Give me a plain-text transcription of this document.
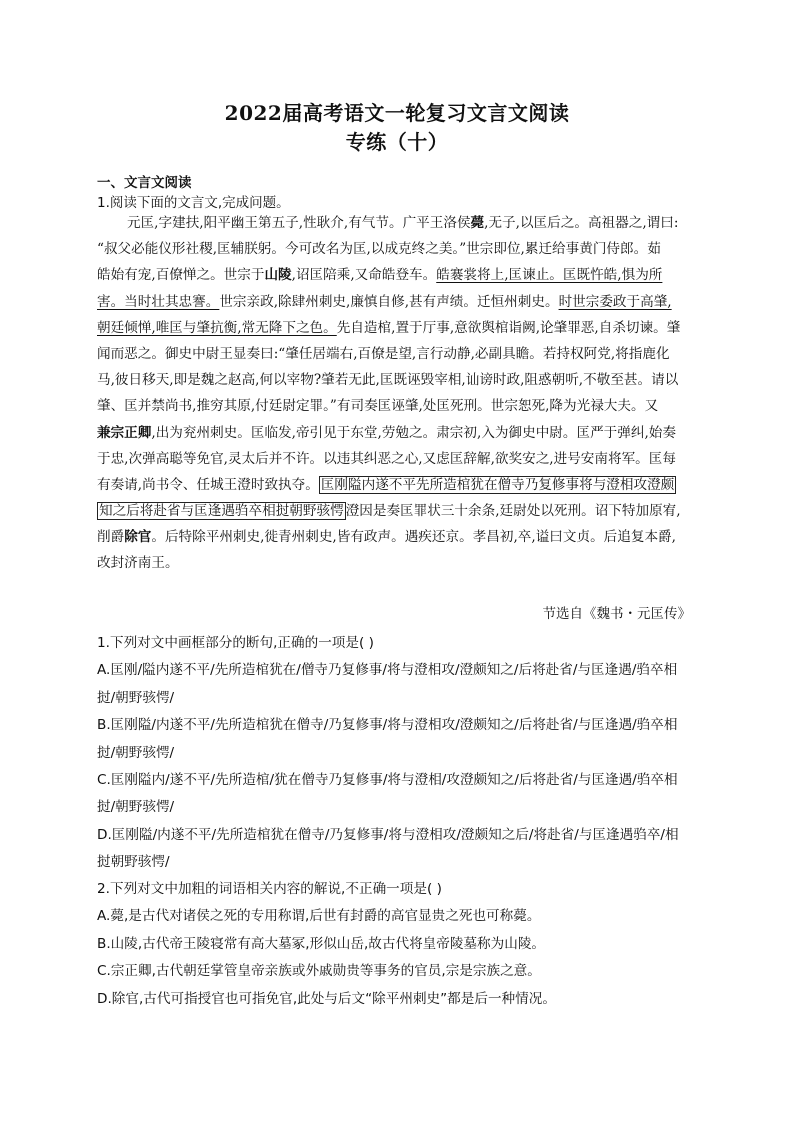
2022届高考语文一轮复习文言文阅读
专练（十）
一、文言文阅读
1.阅读下面的文言文,完成问题。
元匡,字建扶,阳平幽王第五子,性耿介,有气节。广平王洛侯薨,无子,以匡后之。高祖器之,谓曰:
“叔父必能仪形社稷,匡辅朕躬。今可改名为匡,以成克终之美。”世宗即位,累迁给事黄门侍郎。茹
皓始有宠,百僚惮之。世宗于山陵,诏匡陪乘,又命皓登车。皓褰裳将上,匡谏止。匡既忤皓,惧为所
害。当时壮其忠謇。世宗亲政,除肆州刺史,廉慎自修,甚有声绩。迁恒州刺史。时世宗委政于高肇,
朝廷倾惮,唯匡与肇抗衡,常无降下之色。先自造棺,置于厅事,意欲舆棺诣阙,论肇罪恶,自杀切谏。肇
闻而恶之。御史中尉王显奏曰:“肇任居端右,百僚是望,言行动静,必副具瞻。若持权阿党,将指鹿化
马,彼日移天,即是魏之赵高,何以宰物?肇若无此,匡既诬毁宰相,讪谤时政,阻惑朝听,不敬至甚。请以
肇、匡并禁尚书,推穷其原,付廷尉定罪。”有司奏匡诬肇,处匡死刑。世宗恕死,降为光禄大夫。又
兼宗正卿,出为兖州刺史。匡临发,帝引见于东堂,劳勉之。肃宗初,入为御史中尉。匡严于弹纠,始奏
于忠,次弹高聪等免官,灵太后并不许。以违其纠恶之心,又虑匡辞解,欲奖安之,进号安南将军。匡每
有奏请,尚书令、任城王澄时致执夺。 匡刚隘内遂不平先所造棺犹在僧寺乃复修事将与澄相攻澄颇
知之后将赴省与匡逢遇驺卒相挝朝野骇愕 澄因是奏匡罪状三十余条,廷尉处以死刑。诏下特加原宥,
削爵除官。后特除平州刺史,徙青州刺史,皆有政声。遇疾还京。孝昌初,卒,谥曰文贞。后追复本爵,
改封济南王。
节选自《魏书・元匡传》
1.下列对文中画框部分的断句,正确的一项是( )
A.匡刚/隘内遂不平/先所造棺犹在/僧寺乃复修事/将与澄相攻/澄颇知之/后将赴省/与匡逢遇/驺卒相
挝/朝野骇愕/
B.匡刚隘/内遂不平/先所造棺犹在僧寺/乃复修事/将与澄相攻/澄颇知之/后将赴省/与匡逢遇/驺卒相
挝/朝野骇愕/
C.匡刚隘内/遂不平/先所造棺/犹在僧寺乃复修事/将与澄相/攻澄颇知之/后将赴省/与匡逢遇/驺卒相
挝/朝野骇愕/
D.匡刚隘/内遂不平/先所造棺犹在僧寺/乃复修事/将与澄相攻/澄颇知之后/将赴省/与匡逢遇驺卒/相
挝朝野骇愕/
2.下列对文中加粗的词语相关内容的解说,不正确一项是( )
A.薨,是古代对诸侯之死的专用称谓,后世有封爵的高官显贵之死也可称薨。
B.山陵,古代帝王陵寝常有高大墓冢,形似山岳,故古代将皇帝陵墓称为山陵。
C.宗正卿,古代朝廷掌管皇帝亲族或外戚勋贵等事务的官员,宗是宗族之意。
D.除官,古代可指授官也可指免官,此处与后文“除平州刺史”都是后一种情况。
